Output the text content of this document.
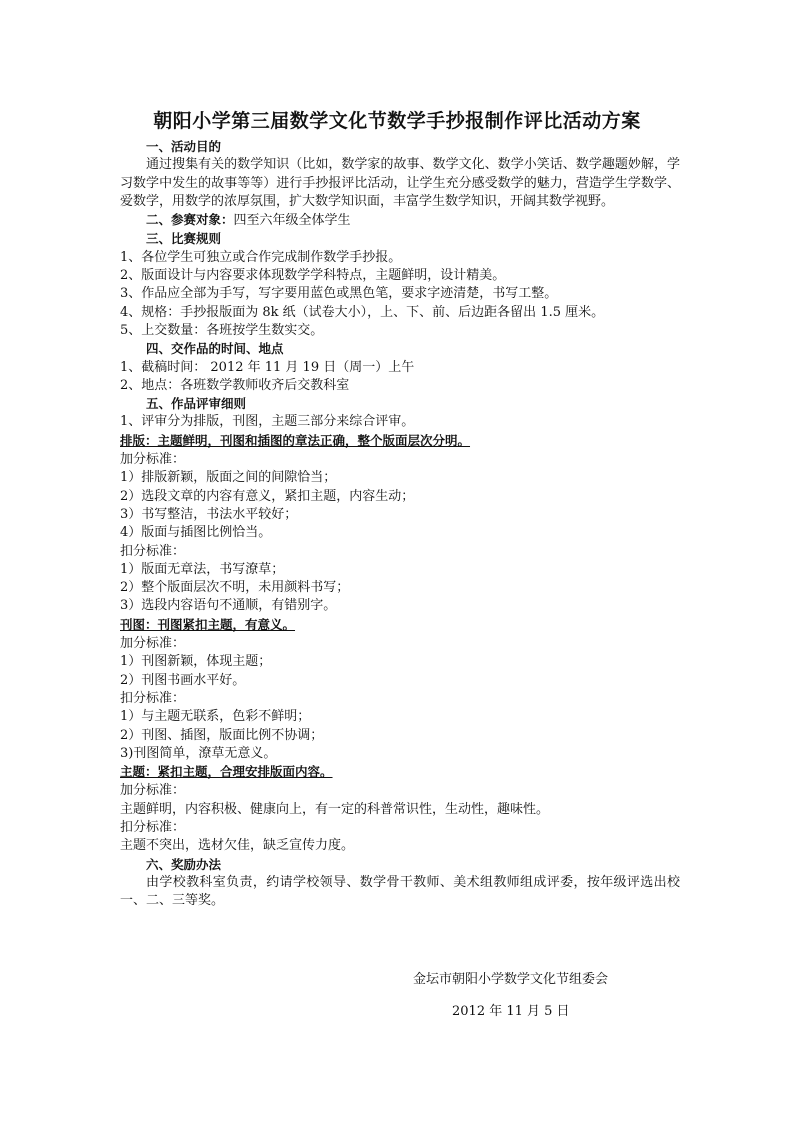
朝阳小学第三届数学文化节数学手抄报制作评比活动方案
一、活动目的
通过搜集有关的数学知识（比如，数学家的故事、数学文化、数学小笑话、数学趣题妙解，学习数学中发生的故事等等）进行手抄报评比活动，让学生充分感受数学的魅力，营造学生学数学、爱数学，用数学的浓厚氛围，扩大数学知识面，丰富学生数学知识，开阔其数学视野。
二、参赛对象：四至六年级全体学生
三、比赛规则
1、各位学生可独立或合作完成制作数学手抄报。
2、版面设计与内容要求体现数学学科特点，主题鲜明，设计精美。
3、作品应全部为手写，写字要用蓝色或黑色笔，要求字迹清楚，书写工整。
4、规格：手抄报版面为 8k 纸（试卷大小），上、下、前、后边距各留出 1.5 厘米。
5、上交数量：各班按学生数实交。
四、交作品的时间、地点
1、截稿时间： 2012 年 11 月 19 日（周一）上午
2、地点：各班数学教师收齐后交教科室
五、作品评审细则
1、评审分为排版，刊图，主题三部分来综合评审。
排版：主题鲜明，刊图和插图的章法正确，整个版面层次分明。
加分标准：
1）排版新颖，版面之间的间隙恰当；
2）选段文章的内容有意义，紧扣主题，内容生动；
3）书写整洁，书法水平较好；
4）版面与插图比例恰当。
扣分标准：
1）版面无章法，书写潦草；
2）整个版面层次不明，未用颜料书写；
3）选段内容语句不通顺，有错别字。
刊图：刊图紧扣主题，有意义。
加分标准：
1）刊图新颖，体现主题；
2）刊图书画水平好。
扣分标准：
1）与主题无联系，色彩不鲜明；
2）刊图、插图，版面比例不协调；
3)刊图简单，潦草无意义。
主题：紧扣主题，合理安排版面内容。
加分标准：
主题鲜明，内容积极、健康向上，有一定的科普常识性，生动性，趣味性。
扣分标准：
主题不突出，选材欠佳，缺乏宣传力度。
六、奖励办法
由学校教科室负责，约请学校领导、数学骨干教师、美术组教师组成评委，按年级评选出校一、二、三等奖。
金坛市朝阳小学数学文化节组委会
2012 年 11 月 5 日
